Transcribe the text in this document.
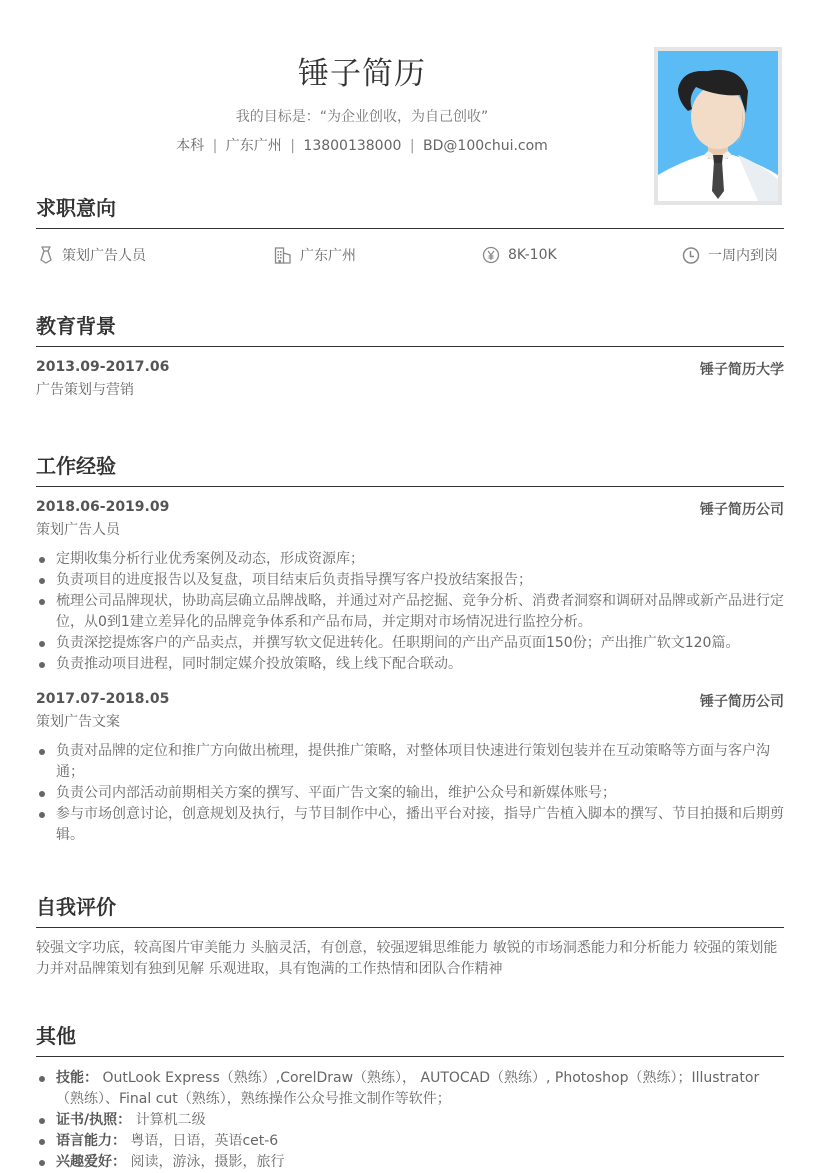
锤子简历
我的目标是：“为企业创收，为自己创收”
本科 | 广东广州 | 13800138000 | BD@100chui.com
求职意向
策划广告人员	广东广州	8K-10K	一周内到岗
教育背景
2013.09-2017.06	锤子简历大学
广告策划与营销
工作经验
2018.06-2019.09	锤子简历公司
策划广告人员
定期收集分析行业优秀案例及动态，形成资源库；
负责项目的进度报告以及复盘，项目结束后负责指导撰写客户投放结案报告；
梳理公司品牌现状，协助高层确立品牌战略，并通过对产品挖掘、竞争分析、消费者洞察和调研对品牌或新产品进行定位，从0到1建立差异化的品牌竞争体系和产品布局，并定期对市场情况进行监控分析。
负责深挖提炼客户的产品卖点，并撰写软文促进转化。任职期间的产出产品页面150份；产出推广软文120篇。
负责推动项目进程，同时制定媒介投放策略，线上线下配合联动。
2017.07-2018.05	锤子简历公司
策划广告文案
负责对品牌的定位和推广方向做出梳理，提供推广策略，对整体项目快速进行策划包装并在互动策略等方面与客户沟通；
负责公司内部活动前期相关方案的撰写、平面广告文案的输出，维护公众号和新媒体账号；
参与市场创意讨论，创意规划及执行，与节目制作中心，播出平台对接，指导广告植入脚本的撰写、节目拍摄和后期剪辑。
自我评价
较强文字功底，较高图片审美能力 头脑灵活，有创意，较强逻辑思维能力 敏锐的市场洞悉能力和分析能力 较强的策划能力并对品牌策划有独到见解 乐观进取，具有饱满的工作热情和团队合作精神
其他
技能： OutLook Express（熟练）,CorelDraw（熟练）， AUTOCAD（熟练）, Photoshop（熟练）；Illustrator（熟练）、Final cut（熟练），熟练操作公众号推文制作等软件；
证书/执照： 计算机二级
语言能力： 粤语，日语，英语cet-6
兴趣爱好： 阅读，游泳，摄影，旅行
